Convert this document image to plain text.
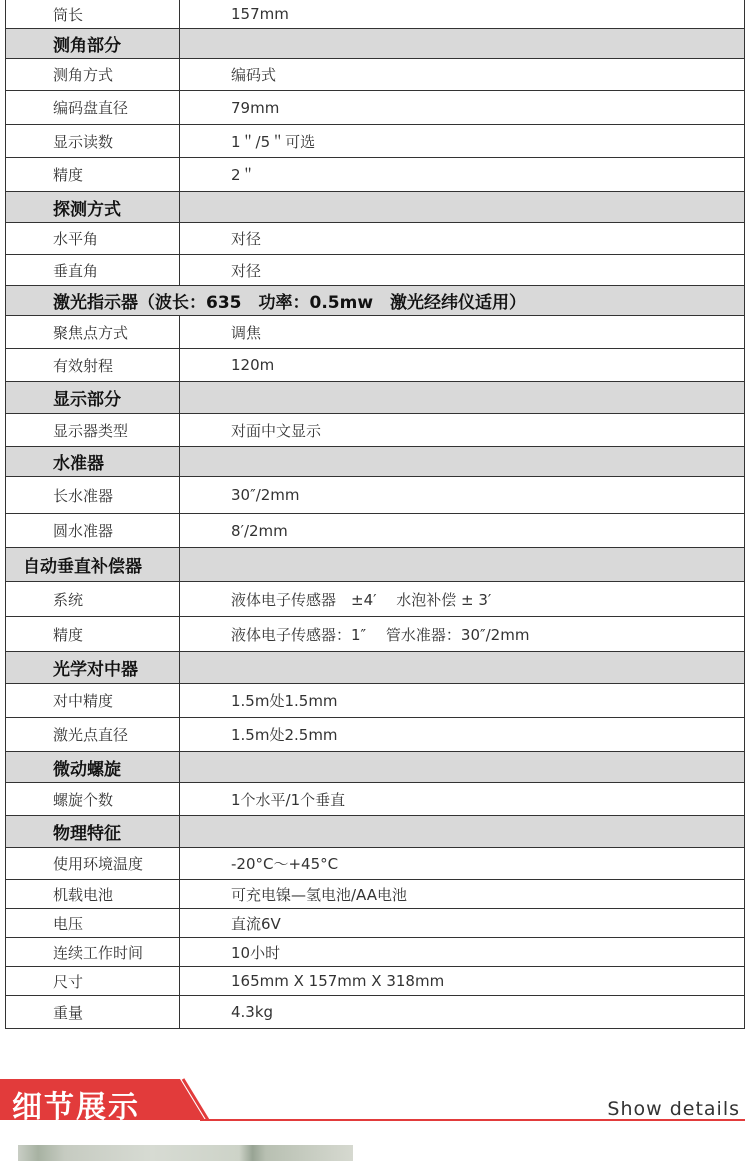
筒长	157mm
测角部分
测角方式	编码式
编码盘直径	79mm
显示读数	1＂/5＂可选
精度	2＂
探测方式
水平角	对径
垂直角	对径
激光指示器（波长：635　功率：0.5mw　激光经纬仪适用）
聚焦点方式	调焦
有效射程	120m
显示部分
显示器类型	对面中文显示
水准器
长水准器	30″/2mm
圆水准器	8′/2mm
自动垂直补偿器
系统	液体电子传感器　±4′　 水泡补偿 ± 3′
精度	液体电子传感器：1″　 管水准器：30″/2mm
光学对中器
对中精度	1.5m处1.5mm
激光点直径	1.5m处2.5mm
微动螺旋
螺旋个数	1个水平/1个垂直
物理特征
使用环境温度	-20°C～+45°C
机载电池	可充电镍—氢电池/AA电池
电压	直流6V
连续工作时间	10小时
尺寸	165mm X 157mm X 318mm
重量	4.3kg
细节展示	Show details
